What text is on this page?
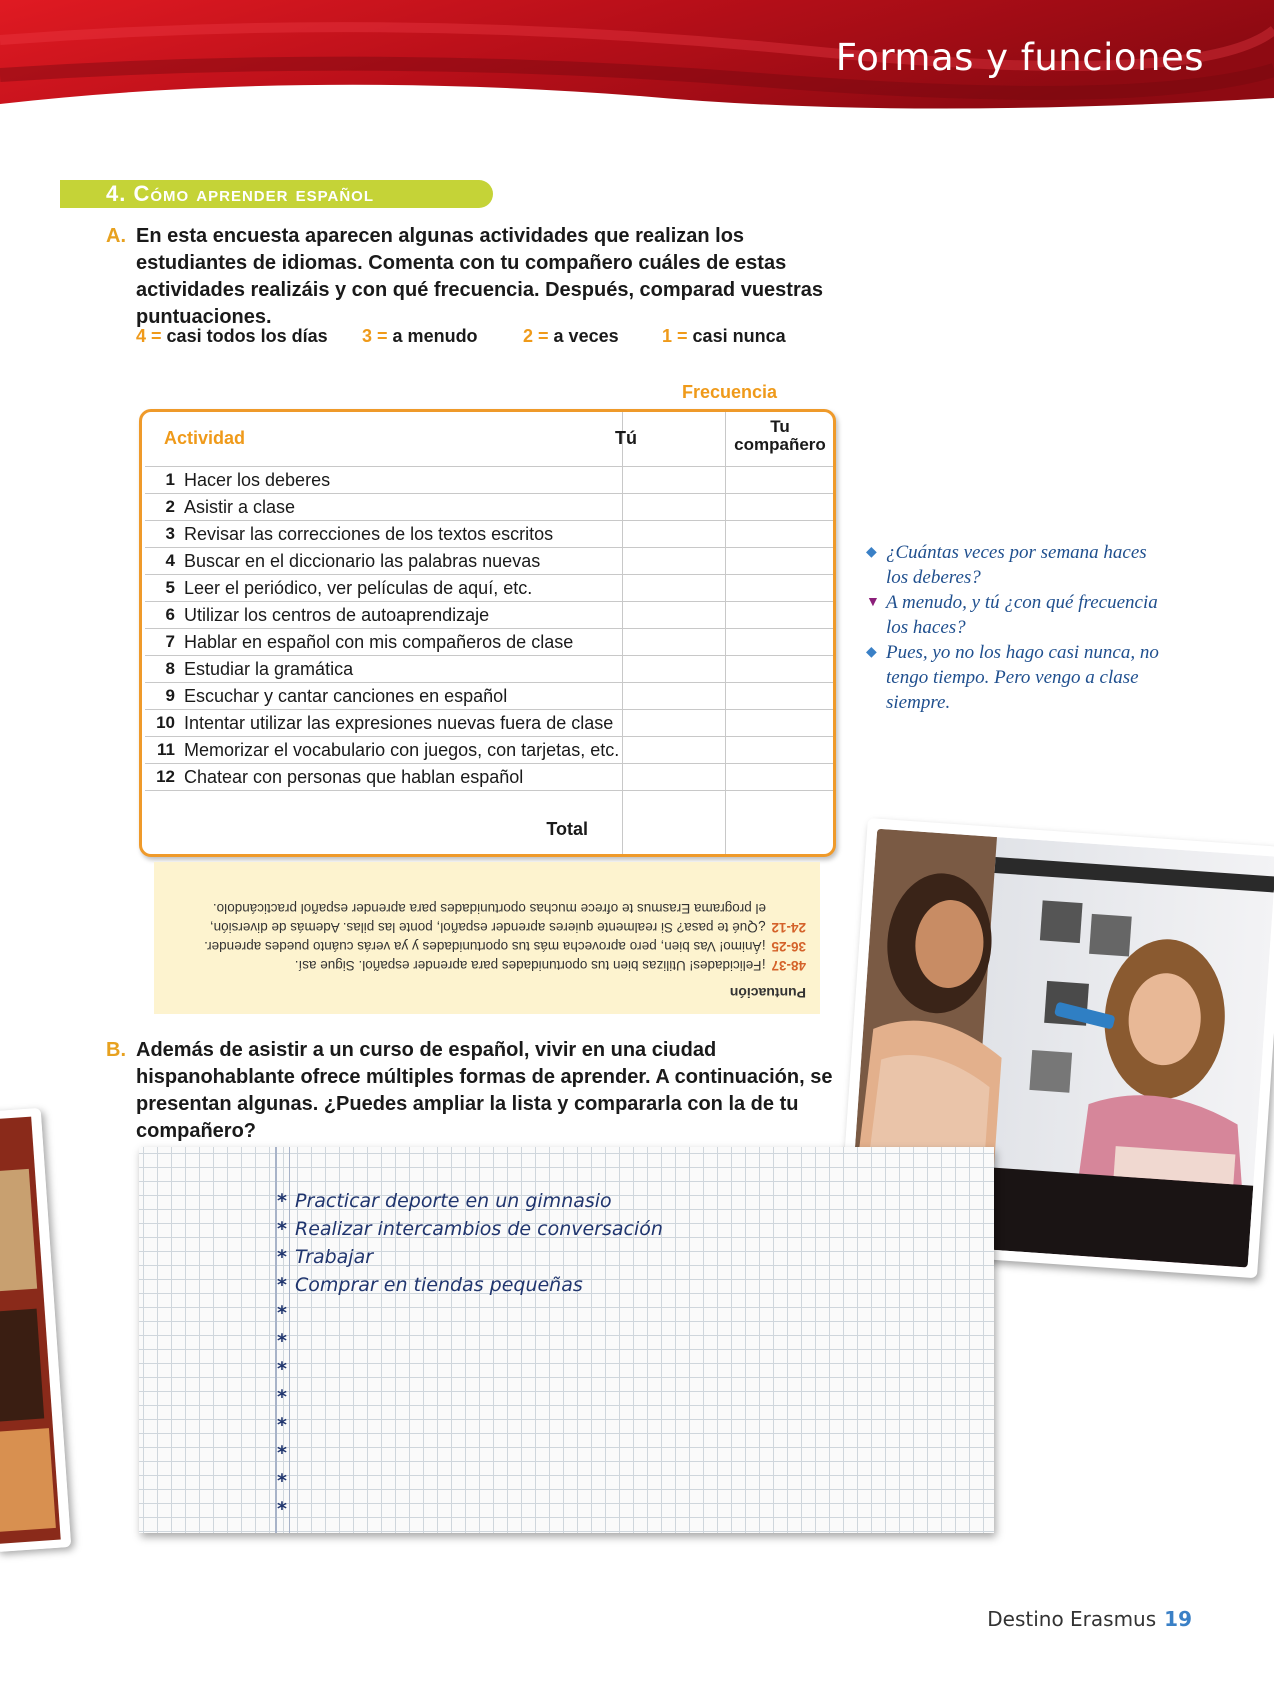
Formas y funciones
4. Cómo aprender español
A. En esta encuesta aparecen algunas actividades que realizan los estudiantes de idiomas. Comenta con tu compañero cuáles de estas actividades realizáis y con qué frecuencia. Después, comparad vuestras puntuaciones.
4 = casi todos los días 3 = a menudo	2 = a veces 1 = casi nunca
Frecuencia
Actividad	Tú
Tu
compañero
1 Hacer los deberes
2 Asistir a clase
3 Revisar las correcciones de los textos escritos
4 Buscar en el diccionario las palabras nuevas
5 Leer el periódico, ver películas de aquí, etc.
6 Utilizar los centros de autoaprendizaje
7 Hablar en español con mis compañeros de clase
8 Estudiar la gramática
9 Escuchar y cantar canciones en español
10 Intentar utilizar las expresiones nuevas fuera de clase
11 Memorizar el vocabulario con juegos, con tarjetas, etc.
12 Chatear con personas que hablan español
Total
Puntuación
48-37¡Felicidades! Utilizas bien tus oportunidades para aprender español. Sigue así.
36-25¡Ánimo! Vas bien, pero aprovecha más tus oportunidades y ya verás cuánto puedes aprender.
24-12¿Qué te pasa? Si realmente quieres aprender español, ponte las pilas. Además de diversión,
el programa Erasmus te ofrece muchas oportunidades para aprender español practicándolo.
◆ ¿Cuántas veces por semana haces los deberes?
▼ A menudo, y tú ¿con qué frecuencia los haces?
◆ Pues, yo no los hago casi nunca, no tengo tiempo. Pero vengo a clase siempre.
B. Además de asistir a un curso de español, vivir en una ciudad hispanohablante ofrece múltiples formas de aprender. A continuación, se presentan algunas. ¿Puedes ampliar la lista y compararla con la de tu compañero?
* Practicar deporte en un gimnasio
* Realizar intercambios de conversación
* Trabajar
* Comprar en tiendas pequeñas
*
*
*
*
*
*
*
*
Destino Erasmus 19
